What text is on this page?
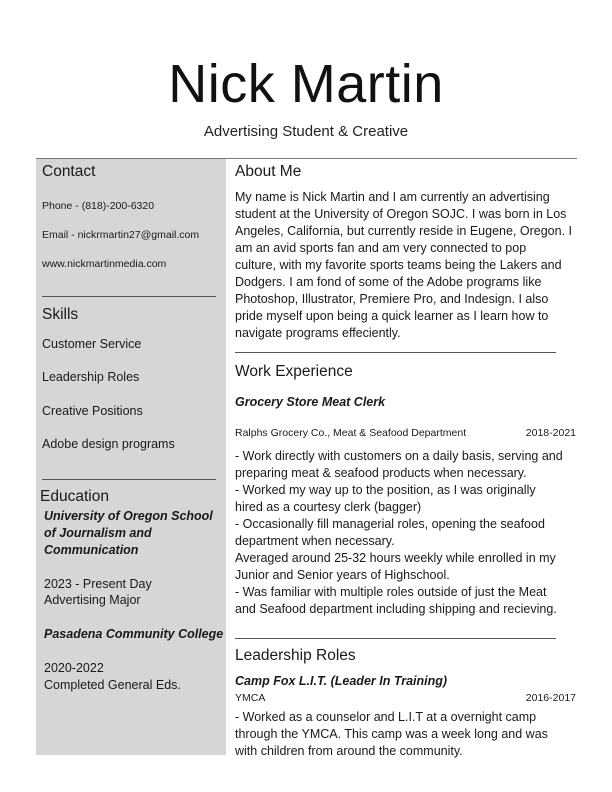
Nick Martin
Advertising Student & Creative
Contact
Phone - (818)-200-6320
Email - nickrmartin27@gmail.com
www.nickmartinmedia.com
Skills
Customer Service
Leadership Roles
Creative Positions
Adobe design programs
Education
University of Oregon School
of Journalism and
Communication
2023 - Present Day
Advertising Major
Pasadena Community College
2020-2022
Completed General Eds.
About Me
My name is Nick Martin and I am currently an advertising
student at the University of Oregon SOJC. I was born in Los
Angeles, California, but currently reside in Eugene, Oregon. I
am an avid sports fan and am very connected to pop
culture, with my favorite sports teams being the Lakers and
Dodgers. I am fond of some of the Adobe programs like
Photoshop, Illustrator, Premiere Pro, and Indesign. I also
pride myself upon being a quick learner as I learn how to
navigate programs effeciently.
Work Experience
Grocery Store Meat Clerk
Ralphs Grocery Co., Meat & Seafood Department	2018-2021
- Work directly with customers on a daily basis, serving and
preparing meat & seafood products when necessary.
- Worked my way up to the position, as I was originally
hired as a courtesy clerk (bagger)
- Occasionally fill managerial roles, opening the seafood
department when necessary.
Averaged around 25-32 hours weekly while enrolled in my
Junior and Senior years of Highschool.
- Was familiar with multiple roles outside of just the Meat
and Seafood department including shipping and recieving.
Leadership Roles
Camp Fox L.I.T. (Leader In Training)
YMCA	2016-2017
- Worked as a counselor and L.I.T at a overnight camp
through the YMCA. This camp was a week long and was
with children from around the community.
